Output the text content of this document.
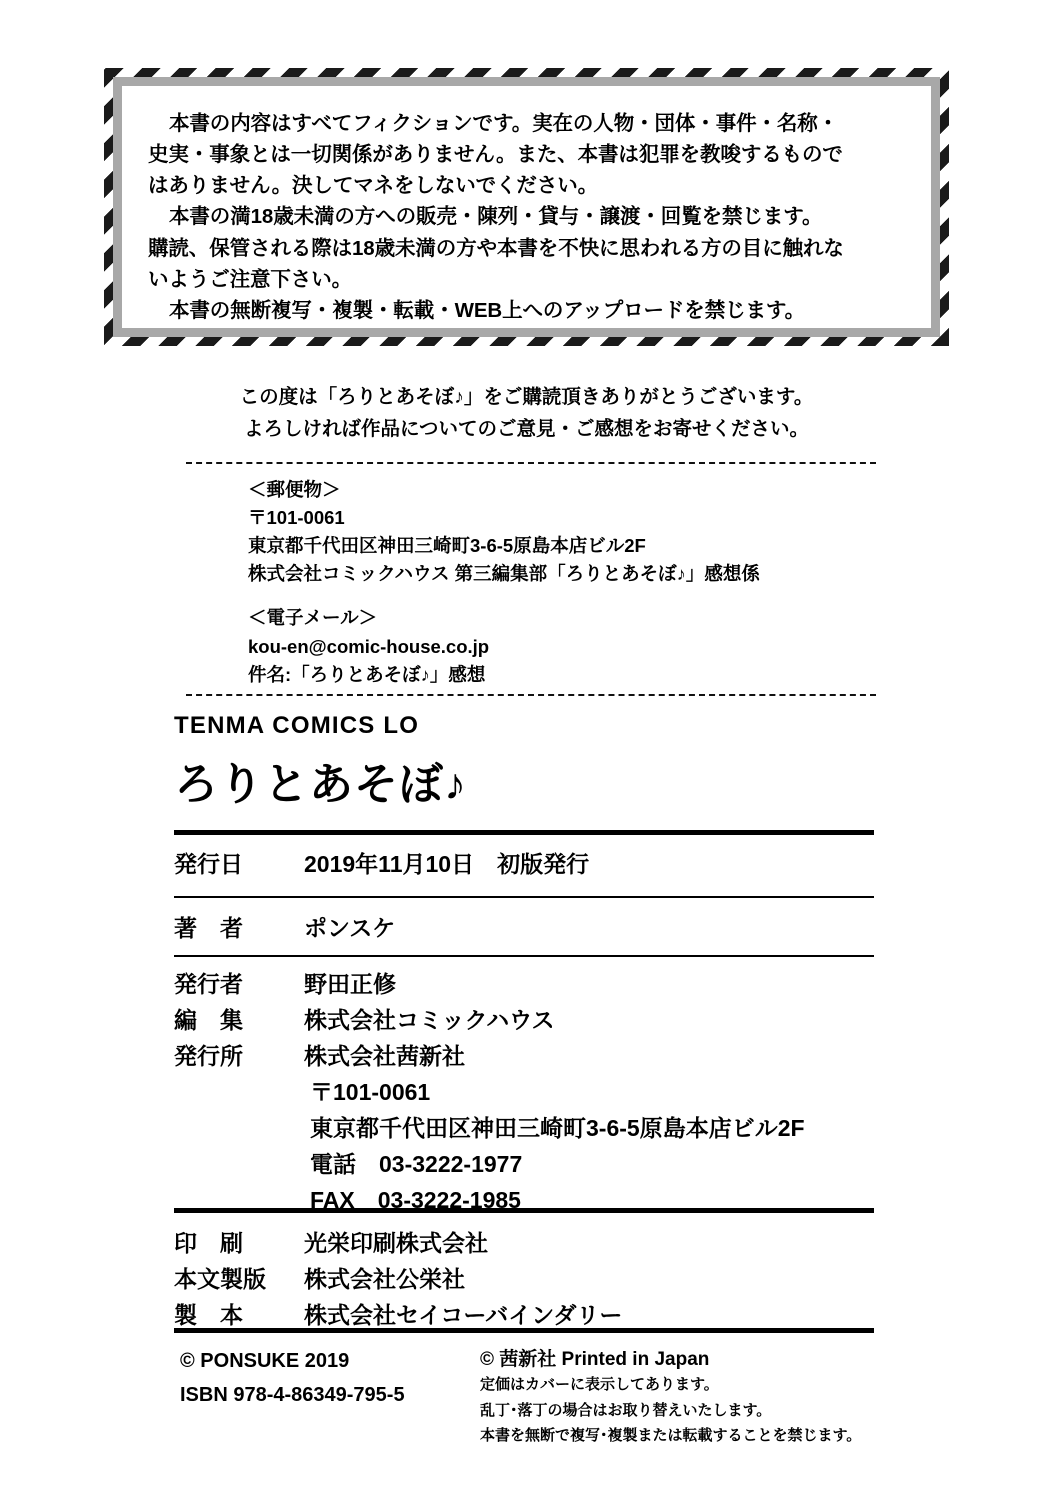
本書の内容はすべてフィクションです。実在の人物・団体・事件・名称・

史実・事象とは一切関係がありません。また、本書は犯罪を教唆するもので

はありません。決してマネをしないでください。

本書の満18歳未満の方への販売・陳列・貸与・譲渡・回覧を禁じます。

購読、保管される際は18歳未満の方や本書を不快に思われる方の目に触れな

いようご注意下さい。

本書の無断複写・複製・転載・WEB上へのアップロードを禁じます。

この度は「ろりとあそぼ♪」をご購読頂きありがとうございます。
よろしければ作品についてのご意見・ご感想をお寄せください。
＜郵便物＞
〒101-0061
東京都千代田区神田三崎町3-6-5原島本店ビル2F
株式会社コミックハウス 第三編集部「ろりとあそぼ♪」感想係
＜電子メール＞
kou-en@comic-house.co.jp
件名:「ろりとあそぼ♪」感想
TENMA COMICS LO
ろりとあそぼ♪
発行日	2019年11月10日　初版発行
著　者	ポンスケ
発行者	野田正修
編　集	株式会社コミックハウス
発行所	株式会社茜新社
〒101-0061
東京都千代田区神田三崎町3-6-5原島本店ビル2F
電話　03-3222-1977
FAX　03-3222-1985
印　刷	光栄印刷株式会社
本文製版 株式会社公栄社
製　本	株式会社セイコーバインダリー
© PONSUKE 2019
ISBN 978-4-86349-795-5
© 茜新社 Printed in Japan
定価はカバーに表示してあります。
乱丁･落丁の場合はお取り替えいたします。
本書を無断で複写･複製または転載することを禁じます。
